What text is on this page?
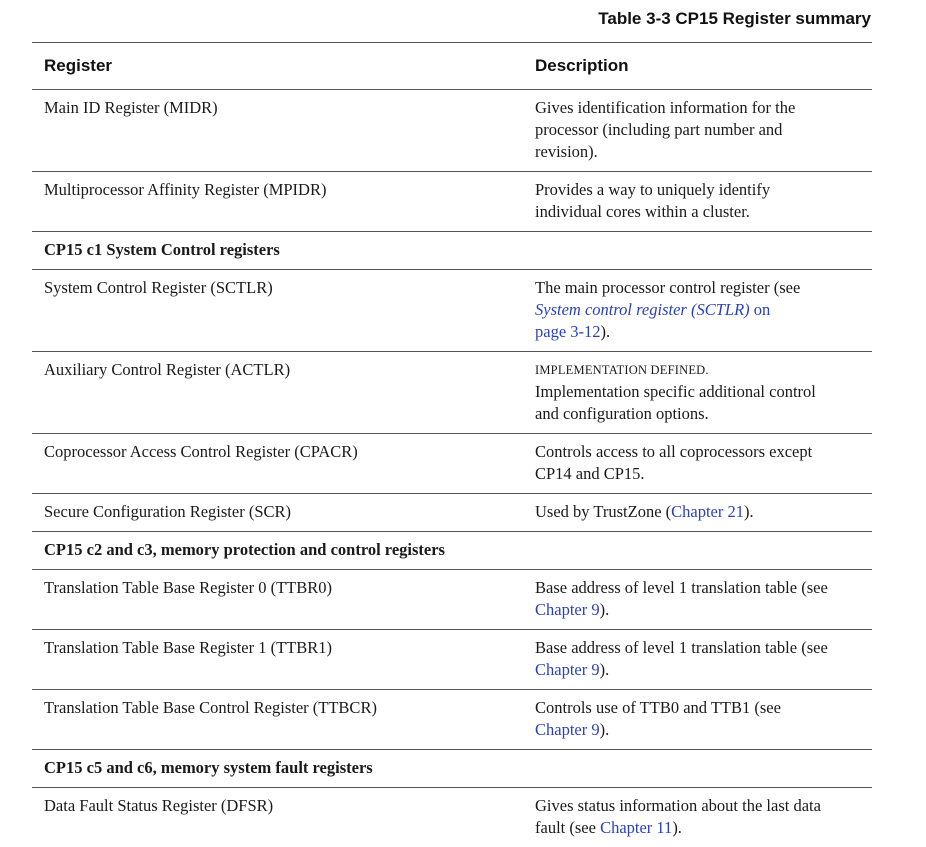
Table 3-3 CP15 Register summary
Register	Description
Main ID Register (MIDR)	Gives identification information for the
processor (including part number and
revision).
Multiprocessor Affinity Register (MPIDR)	Provides a way to uniquely identify
individual cores within a cluster.
CP15 c1 System Control registers
System Control Register (SCTLR)	The main processor control register (see
System control register (SCTLR) on
page 3-12).
Auxiliary Control Register (ACTLR)	IMPLEMENTATION DEFINED.
Implementation specific additional control
and configuration options.
Coprocessor Access Control Register (CPACR)	Controls access to all coprocessors except
CP14 and CP15.
Secure Configuration Register (SCR)	Used by TrustZone (Chapter 21).
CP15 c2 and c3, memory protection and control registers
Translation Table Base Register 0 (TTBR0)	Base address of level 1 translation table (see
Chapter 9).
Translation Table Base Register 1 (TTBR1)	Base address of level 1 translation table (see
Chapter 9).
Translation Table Base Control Register (TTBCR)	Controls use of TTB0 and TTB1 (see
Chapter 9).
CP15 c5 and c6, memory system fault registers
Data Fault Status Register (DFSR)	Gives status information about the last data
fault (see Chapter 11).
